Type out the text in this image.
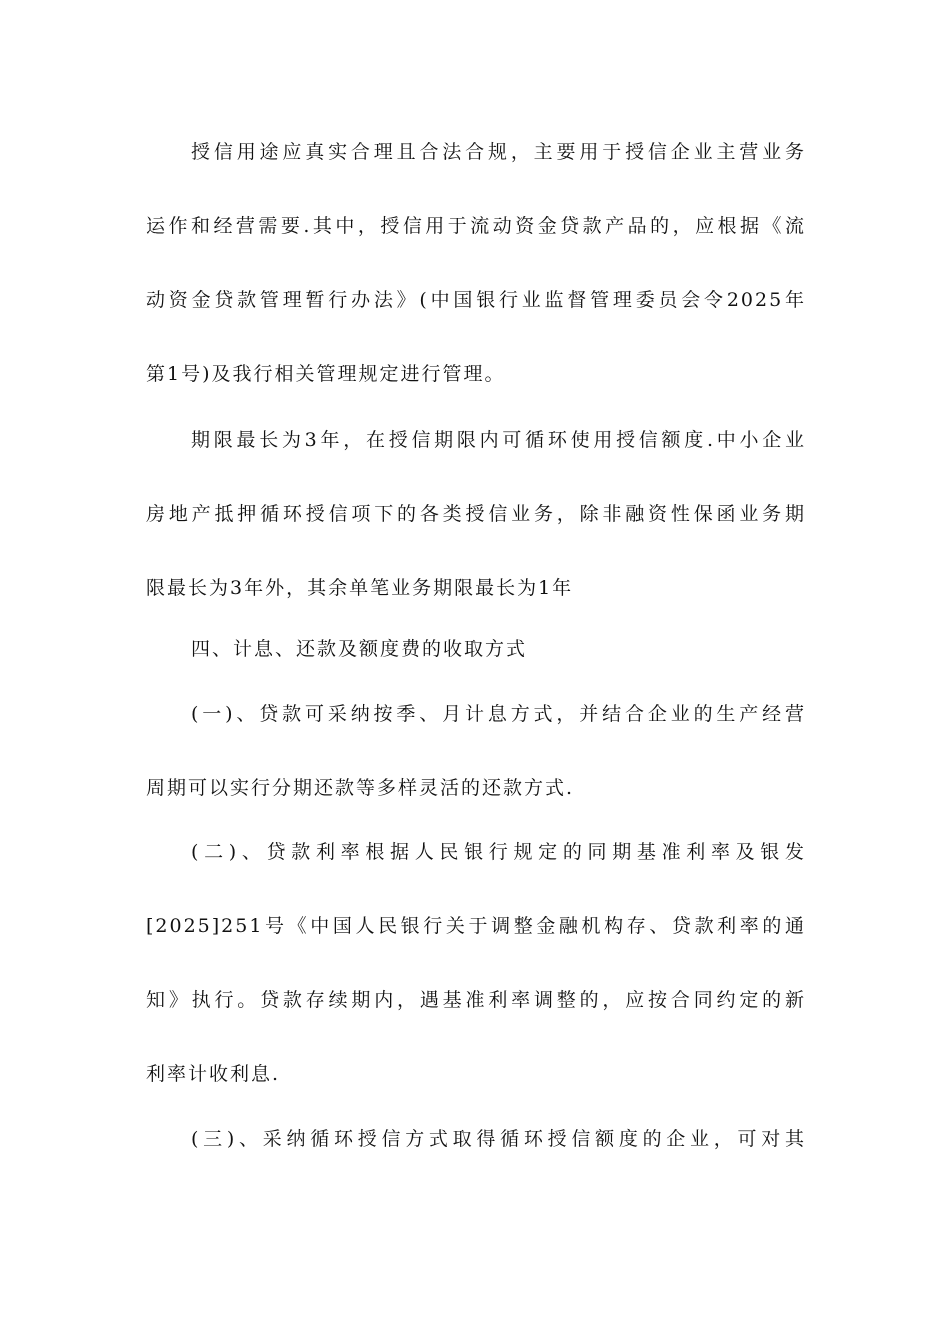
授信用途应真实合理且合法合规，主要用于授信企业主营业务
运作和经营需要.其中，授信用于流动资金贷款产品的，应根据《流
动资金贷款管理暂行办法》(中国银行业监督管理委员会令2025年
第1号)及我行相关管理规定进行管理。
期限最长为3年，在授信期限内可循环使用授信额度.中小企业
房地产抵押循环授信项下的各类授信业务，除非融资性保函业务期
限最长为3年外，其余单笔业务期限最长为1年
四、计息、还款及额度费的收取方式
(一)、贷款可采纳按季、月计息方式，并结合企业的生产经营
周期可以实行分期还款等多样灵活的还款方式.
(二)、贷款利率根据人民银行规定的同期基准利率及银发
[2025]251号《中国人民银行关于调整金融机构存、贷款利率的通
知》执行。贷款存续期内，遇基准利率调整的，应按合同约定的新
利率计收利息.
(三)、采纳循环授信方式取得循环授信额度的企业，可对其
